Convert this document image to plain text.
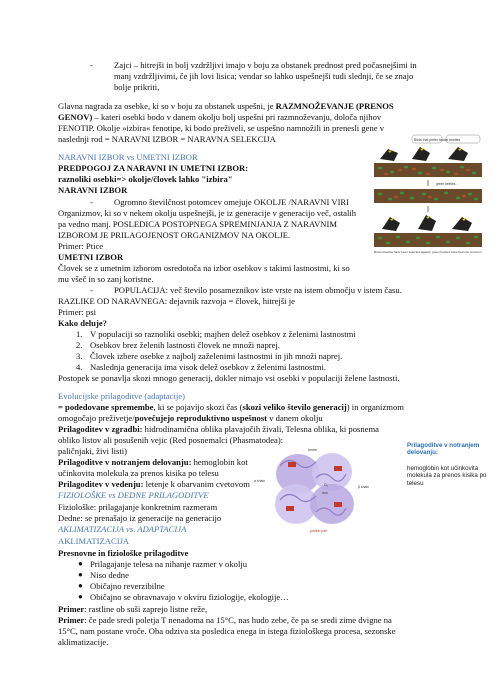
- Zajci – hitrejši in bolj vzdržljivi imajo v boju za obstanek prednost pred počasnejšimi in
manj vzdržljivimi, če jih lovi lisica; vendar so lahko uspešnejši tudi slednji, če se znajo
bolje prikriti,
Glavna nagrada za osebke, ki so v boju za obstanek uspešni, je RAZMNOŽEVANJE (PRENOS
GENOV) – kateri osebki bodo v danem okolju bolj uspešni pri razmnoževanju, določa njihov
FENOTIP. Okolje »izbira« fenotipe, ki bodo preživeli, se uspešno namnožili in prenesli gene v
naslednji rod = NARAVNI IZBOR = NARAVNA SELEKCIJA
NARAVNI IZBOR vs UMETNI IZBOR
PREDPOGOJ ZA NARAVNI IN UMETNI IZBOR:
raznoliki osebki=> okolje/človek lahko "izbira"
NARAVNI IZBOR
- Ogromno številčnost potomcev omejuje OKOLJE /NARAVNI VIRI
Organizmov, ki so v nekem okolju uspešnejši, je iz generacije v generacijo več, ostalih
pa vedno manj. POSLEDICA POSTOPNEGA SPREMINJANJA Z NARAVNIM
IZBOROM JE PRILAGOJENOST ORGANIZMOV NA OKOLJE.
Primer: Ptice
UMETNI IZBOR
Človek se z umetnim izborom osredotoča na izbor osebkov s takimi lastnostmi, ki so
mu všeč in so zanj koristne.
- POPULACIJA: več število posameznikov iste vrste na istem območju v istem času.
RAZLIKE OD NARAVNEGA: dejavnik razvoja = človek, hitrejši je
Primer: psi
Kako deluje?
1. V populaciji so raznoliki osebki; majhen delež osebkov z želenimi lastnostmi
2. Osebkov brez želenih lastnosti človek ne množi naprej.
3. Človek izbere osebke z najbolj zaželenimi lastnostmi in jih množi naprej.
4. Naslednja generacija ima visok delež osebkov z želenimi lastnostmi.
Postopek se ponavlja skozi mnogo generacij, dokler nimajo vsi osebki v populaciji želene lastnosti.
Evolucijske prilagoditve (adaptacije)
= podedovane spremembe, ki se pojavijo skozi čas (skozi veliko število generacij) in organizmom
omogočajo preživetje/povečujejo reproduktivno uspešnost v danem okolju
Prilagoditev v zgradbi: hidrodinamična oblika plavajočih živali, Telesna oblika, ki posnema
obliko listov ali posušenih vejic (Red posnemalci (Phasmatodea):
paličnjaki, živi listi)
Prilagoditve v notranjem delovanju: hemoglobin kot
učinkovita molekula za prenos kisika po telesu
Prilagoditev v vedenju: letenje k obarvanim cvetovom
FIZIOLOŠKE vs DEDNE PRILAGODITVE
Fiziološke: prilagajanje konkretnim razmeram
Dedne: se prenašajo iz generacije na generacijo
AKLIMATIZACIJA vs. ADAPTACIJA
AKLIMATIZACIJA
Presnovne in fiziološke prilagoditve
● Prilagajanje telesa na nihanje razmer v okolju
● Niso dedne
● Običajno reverzibilne
● Običajno se obravnavajo v okviru fiziologije, ekologije…
Primer: rastline ob suši zaprejo listne reže,
Primer: če pade sredi poletja T nenadoma na 15°C, nas hudo zebe, če pa se sredi zime dvigne na
15°C, nam postane vroče. Oba odziva sta posledica enega in istega fiziološkega procesa, sezonske
aklimatizacije.
Birds that prefer brown beetles
green beetles...
Brown beetles have been selected against; green beetles have become common
heme
O₂
α chain
β chain
iron
protein part
Prilagoditve v notranjem delovanju:
hemoglobin kot učinkovita molekula za prenos kisika po telesu
